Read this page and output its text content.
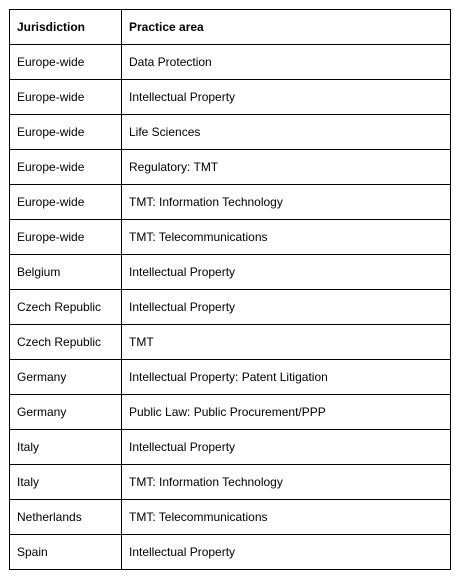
Jurisdiction	Practice area
Europe-wide	Data Protection
Europe-wide	Intellectual Property
Europe-wide	Life Sciences
Europe-wide	Regulatory: TMT
Europe-wide	TMT: Information Technology
Europe-wide	TMT: Telecommunications
Belgium	Intellectual Property
Czech Republic	Intellectual Property
Czech Republic	TMT
Germany	Intellectual Property: Patent Litigation
Germany	Public Law: Public Procurement/PPP
Italy	Intellectual Property
Italy	TMT: Information Technology
Netherlands	TMT: Telecommunications
Spain	Intellectual Property
